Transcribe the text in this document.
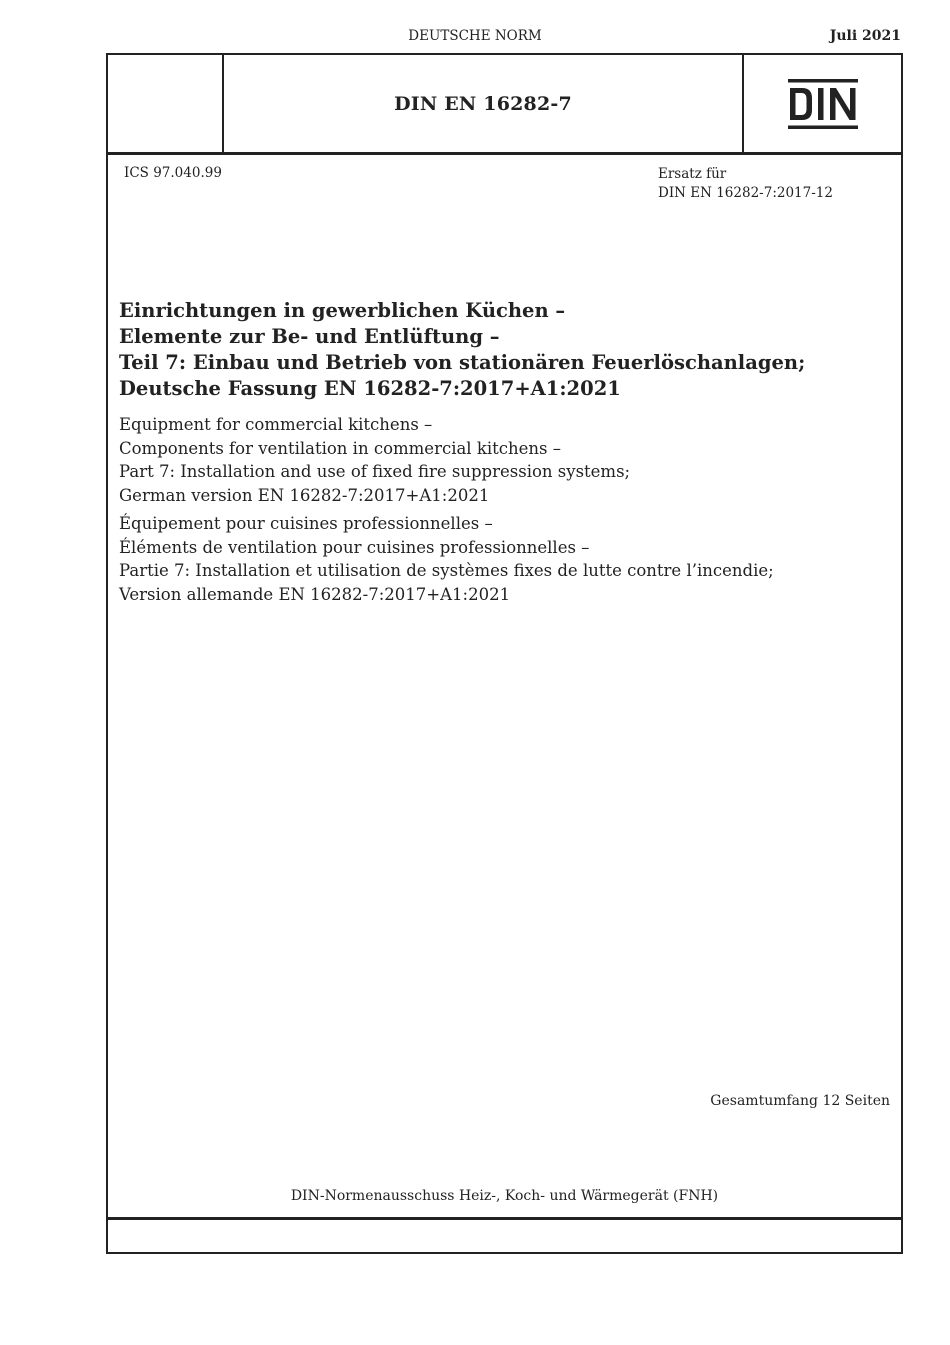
DEUTSCHE NORM	Juli 2021
DIN EN 16282-7
ICS 97.040.99	Ersatz für
DIN EN 16282-7:2017-12
Einrichtungen in gewerblichen Küchen –
Elemente zur Be- und Entlüftung –
Teil 7: Einbau und Betrieb von stationären Feuerlöschanlagen;
Deutsche Fassung EN 16282-7:2017+A1:2021
Equipment for commercial kitchens –
Components for ventilation in commercial kitchens –
Part 7: Installation and use of fixed fire suppression systems;
German version EN 16282-7:2017+A1:2021
Équipement pour cuisines professionnelles –
Éléments de ventilation pour cuisines professionnelles –
Partie 7: Installation et utilisation de systèmes fixes de lutte contre l’incendie;
Version allemande EN 16282-7:2017+A1:2021
Gesamtumfang 12 Seiten
DIN-Normenausschuss Heiz-, Koch- und Wärmegerät (FNH)
